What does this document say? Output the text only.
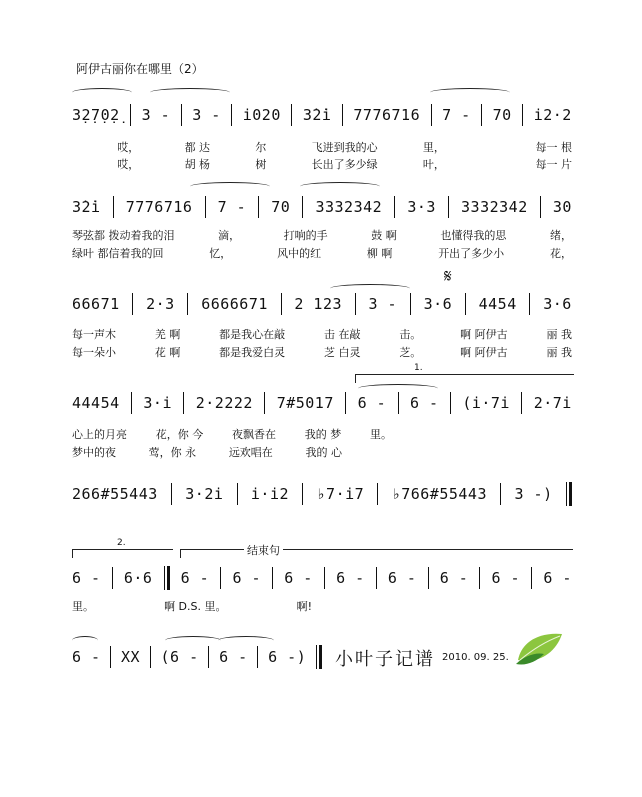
阿伊古丽你在哪里（2）
3̣2̣7̣0̣2̣ 3 - 3 - i020 3̇2̇i 7776716 7 - 70 i2·2
哎，	都 达	尔	飞进到我的心	里，	每一 根
哎，	胡 杨	树	长出了多少绿	叶，	每一 片
3̇2̇i 7776716 7 - 70 3332342 3·3 3332342 30
琴弦都 拨动着我的泪	滴，	打响的手	鼓 啊	也懂得我的思	绪，
绿叶 都信着我的回	忆，	风中的红	柳 啊	开出了多少小	花，
𝄋
66671 2·3 6666671 2 123 3 - 3·6 4454 3·6
每一声木	羌 啊	都是我心在敲	击 在敲	击。	啊 阿伊古	丽 我
每一朵小	花 啊	都是我爱白灵	芝 白灵	芝。	啊 阿伊古	丽 我
1.
44454 3·i 2·2222 7#5017 6 - 6 - (i·7i 2·7i
心上的月亮	花，你 今	夜飘香在	我的 梦	里。
梦中的夜	莺，你 永	远欢唱在	我的 心
266#55443 3·2i i·i2 ♭7·i7 ♭766#55443 3 -)
2.
结束句
6 - 6·6 6 - 6 - 6 - 6 - 6 - 6 - 6 - 6 -
里。	啊 D.S. 里。	啊!
6 - XX (6 - 6 - 6 -) 小叶子记谱 2010. 09. 25.
